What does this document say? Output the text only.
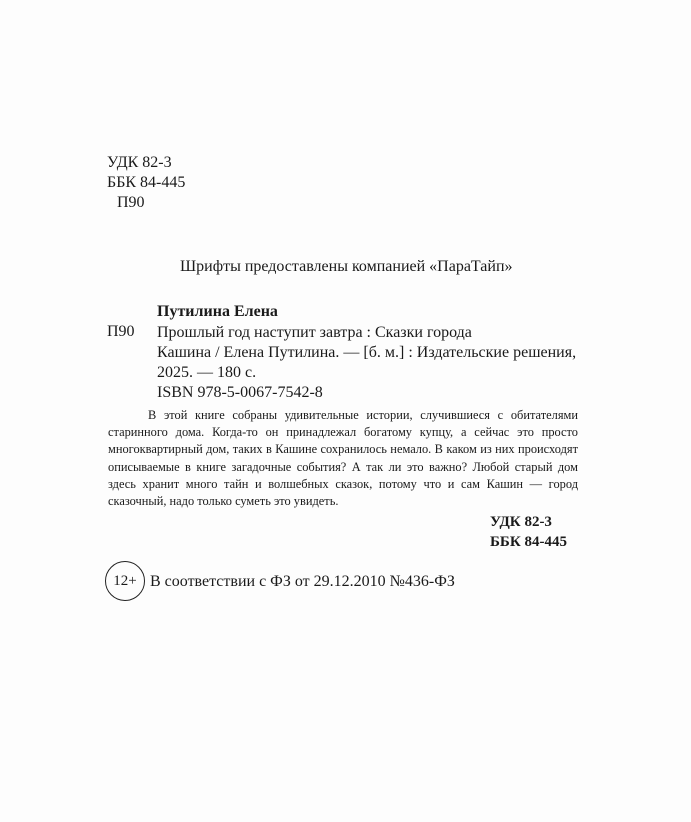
УДК 82-3
ББК 84-445
П90
Шрифты предоставлены компанией «ПараТайп»
Путилина Елена
П90 Прошлый год наступит завтра : Сказки города
Кашина / Елена Путилина. — [б. м.] : Издательские решения,
2025. — 180 с.
ISBN 978-5-0067-7542-8

В этой книге собраны удивительные истории, случившиеся с обитателями старинного дома. Когда-то он принадлежал богатому купцу, а сейчас это просто многоквартирный дом, таких в Кашине сохранилось немало. В каком из них происходят описываемые в книге загадочные события? А так ли это важно? Любой старый дом здесь хранит много тайн и волшебных сказок, потому что и сам Кашин — город сказочный, надо только суметь это увидеть.

УДК 82-3
ББК 84-445
12+ В соответствии с ФЗ от 29.12.2010 №436-ФЗ
